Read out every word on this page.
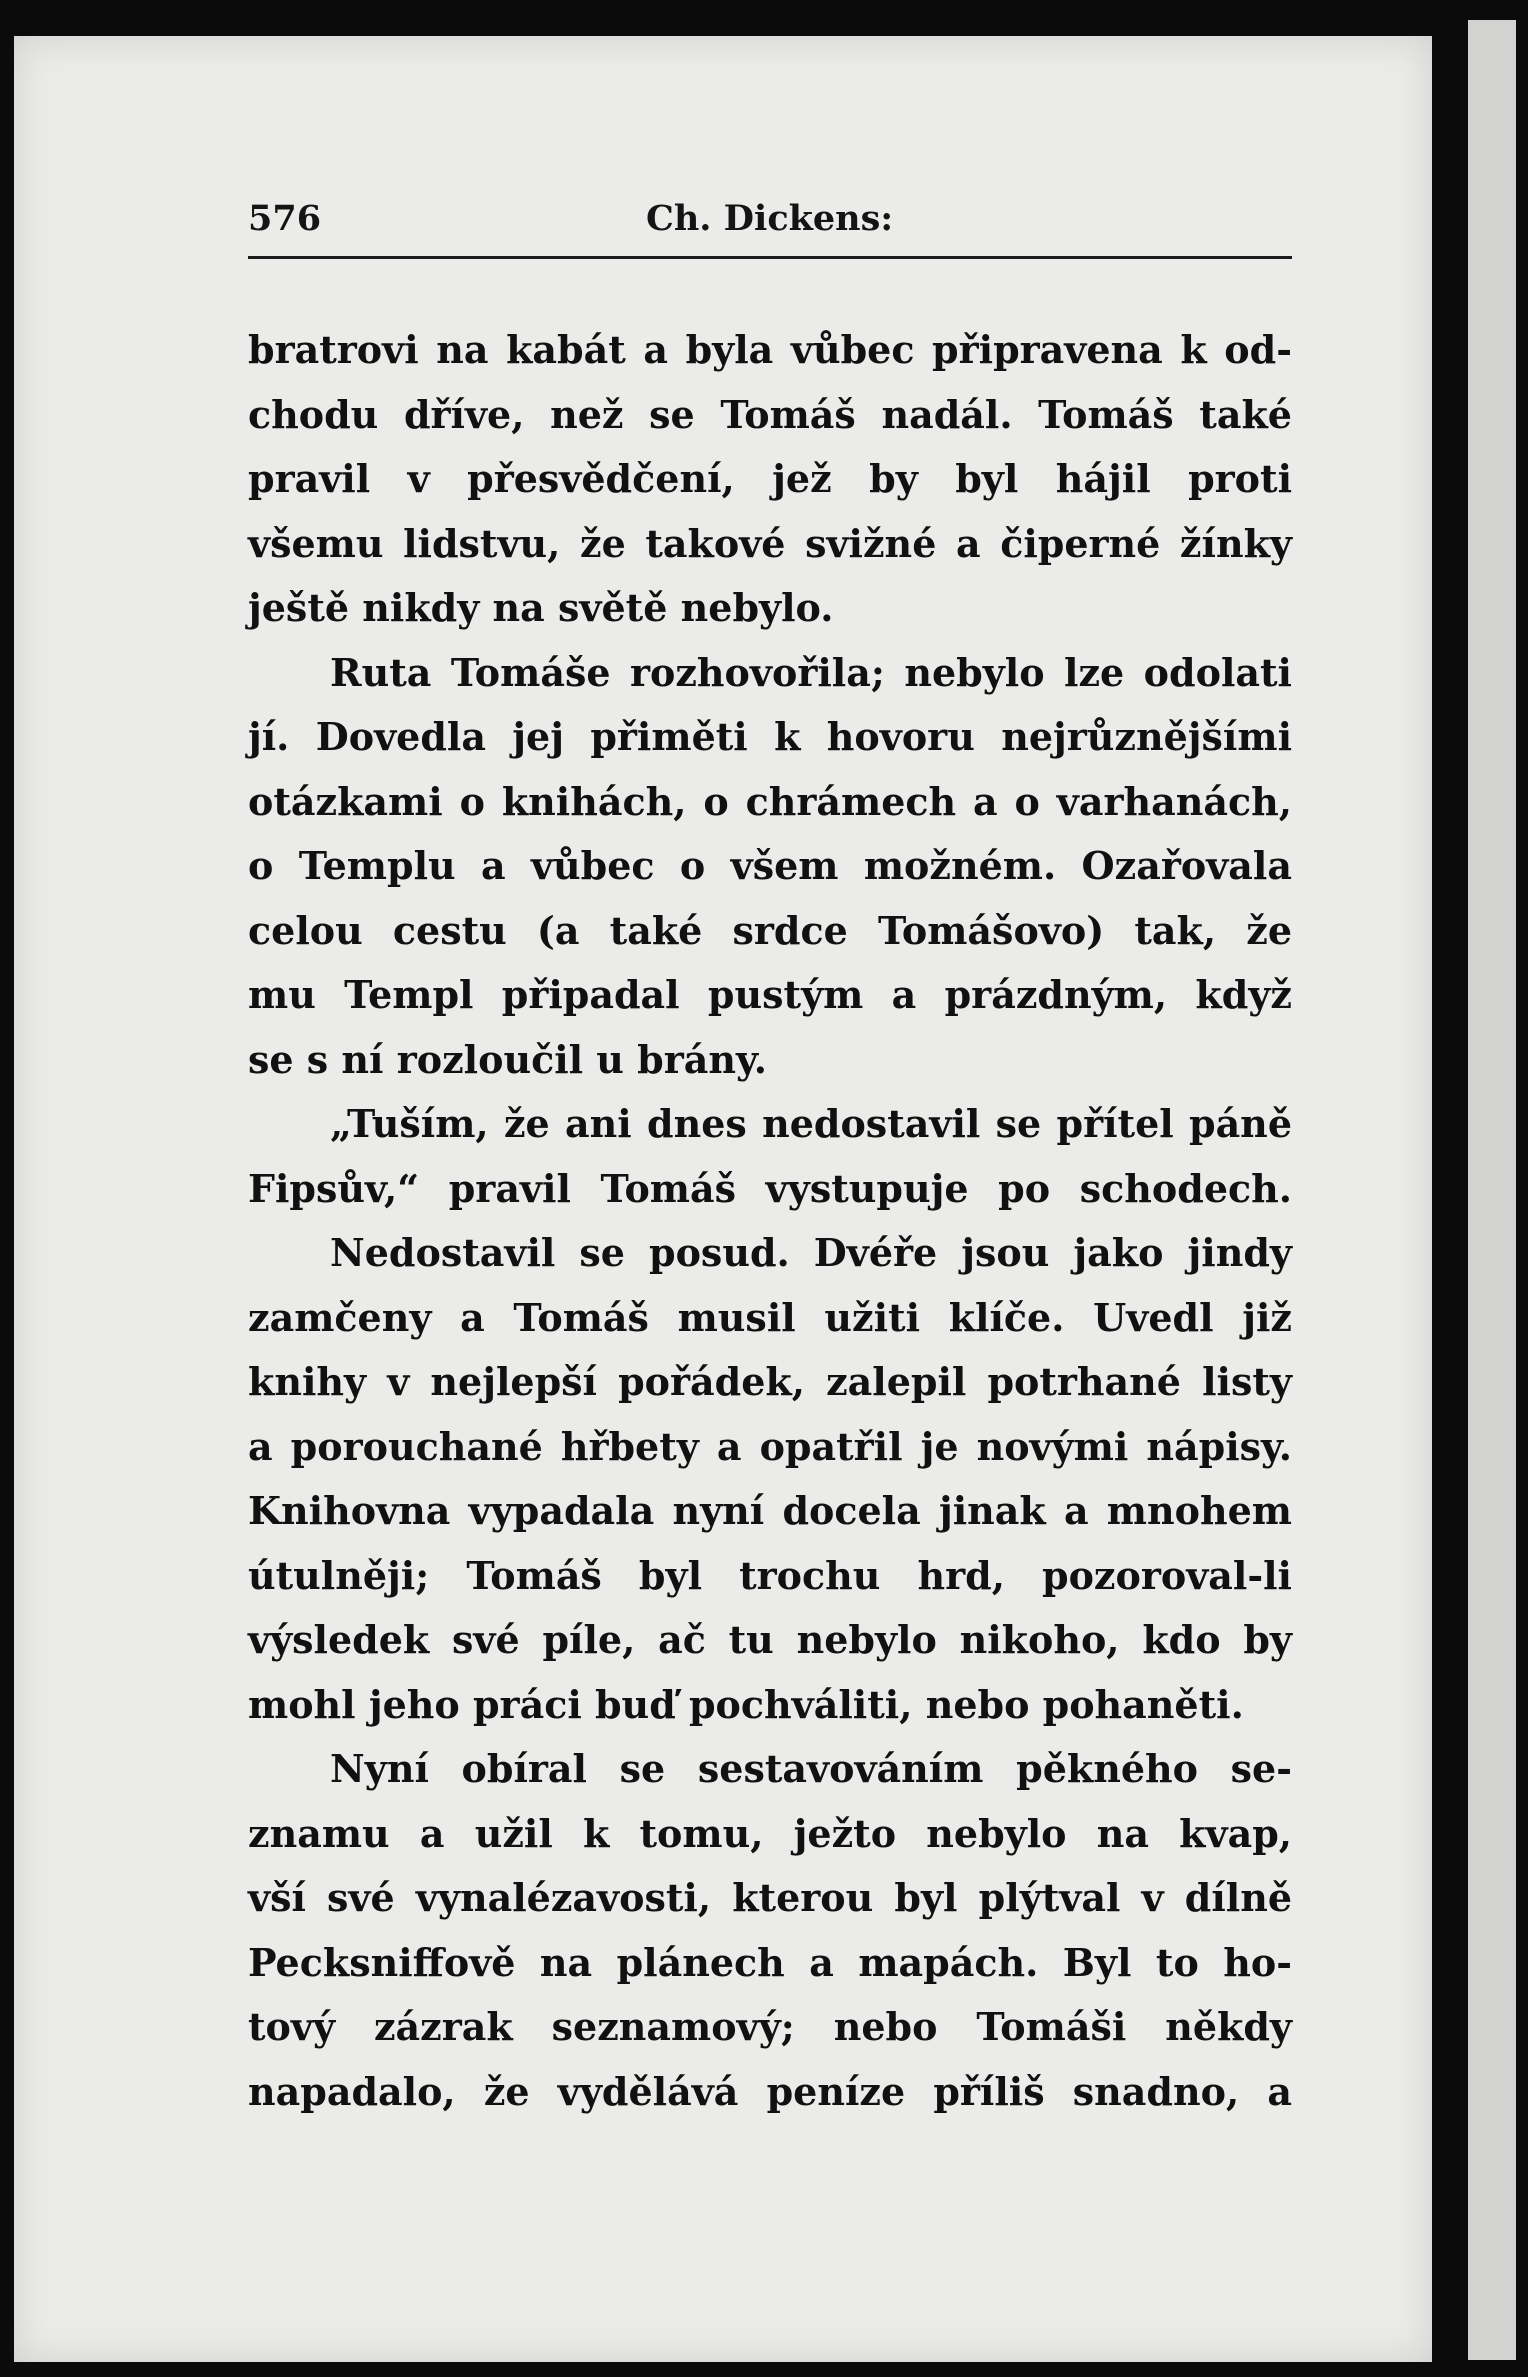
576	Ch. Dickens:
bratrovi na kabát a byla vůbec připravena k od-
chodu dříve, než se Tomáš nadál. Tomáš také
pravil v přesvědčení, jež by byl hájil proti
všemu lidstvu, že takové svižné a čiperné žínky
ještě nikdy na světě nebylo.
Ruta Tomáše rozhovořila; nebylo lze odolati
jí. Dovedla jej přiměti k hovoru nejrůznějšími
otázkami o knihách, o chrámech a o varhanách,
o Templu a vůbec o všem možném. Ozařovala
celou cestu (a také srdce Tomášovo) tak, že
mu Templ připadal pustým a prázdným, když
se s ní rozloučil u brány.
„Tuším, že ani dnes nedostavil se přítel páně
Fipsův,“ pravil Tomáš vystupuje po schodech.
Nedostavil se posud. Dvéře jsou jako jindy
zamčeny a Tomáš musil užiti klíče. Uvedl již
knihy v nejlepší pořádek, zalepil potrhané listy
a porouchané hřbety a opatřil je novými nápisy.
Knihovna vypadala nyní docela jinak a mnohem
útulněji; Tomáš byl trochu hrd, pozoroval-li
výsledek své píle, ač tu nebylo nikoho, kdo by
mohl jeho práci buď pochváliti, nebo pohaněti.
Nyní obíral se sestavováním pěkného se-
znamu a užil k tomu, ježto nebylo na kvap,
vší své vynalézavosti, kterou byl plýtval v dílně
Pecksniffově na plánech a mapách. Byl to ho-
tový zázrak seznamový; nebo Tomáši někdy
napadalo, že vydělává peníze příliš snadno, a
